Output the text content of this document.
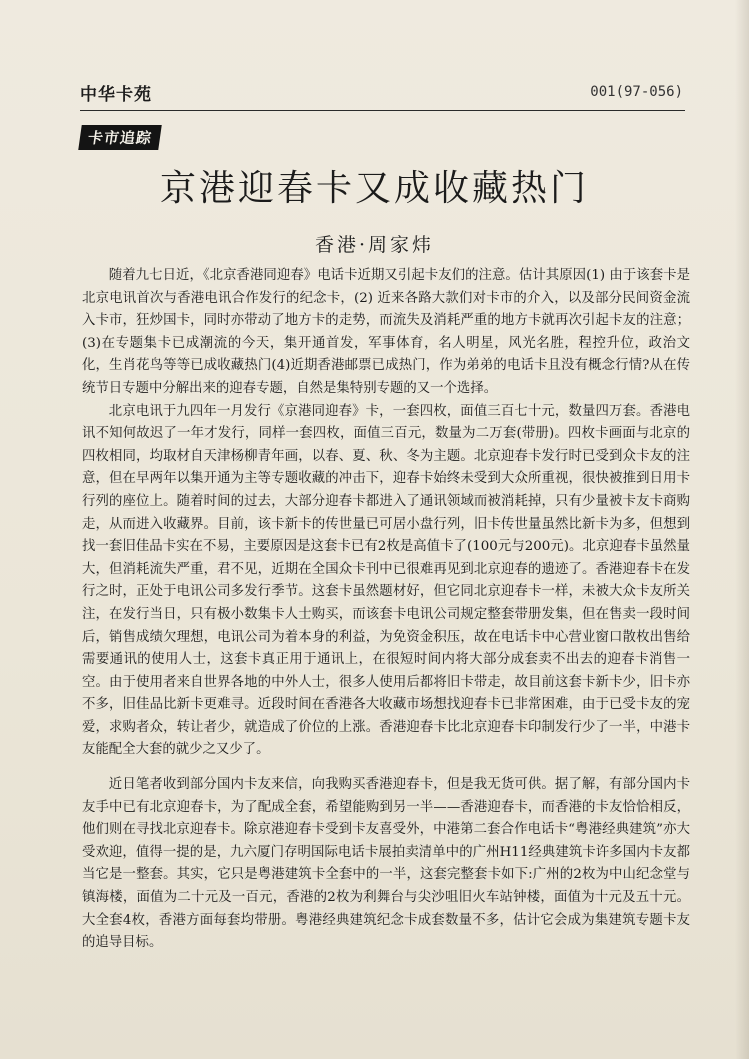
中华卡苑	001(97-056)
卡市追踪
京港迎春卡又成收藏热门
香港·周家炜

随着九七日近，《北京香港同迎春》电话卡近期又引起卡友们的注意。估计其原因(1) 由于该套卡是北京电讯首次与香港电讯合作发行的纪念卡，(2) 近来各路大款们对卡市的介入，以及部分民间资金流入卡市，狂炒国卡，同时亦带动了地方卡的走势，而流失及消耗严重的地方卡就再次引起卡友的注意；(3)在专题集卡已成潮流的今天，集开通首发，军事体育，名人明星，风光名胜，程控升位，政治文化，生肖花鸟等等已成收藏热门(4)近期香港邮票已成热门，作为弟弟的电话卡且没有概念行情?从在传统节日专题中分解出来的迎春专题，自然是集特别专题的又一个选择。

北京电讯于九四年一月发行《京港同迎春》卡，一套四枚，面值三百七十元，数量四万套。香港电讯不知何故迟了一年才发行，同样一套四枚，面值三百元，数量为二万套(带册)。四枚卡画面与北京的四枚相同，均取材自天津杨柳青年画，以春、夏、秋、冬为主题。北京迎春卡发行时已受到众卡友的注意，但在早两年以集开通为主等专题收藏的冲击下，迎春卡始终未受到大众所重视，很快被推到日用卡行列的座位上。随着时间的过去，大部分迎春卡都进入了通讯领域而被消耗掉，只有少量被卡友卡商购走，从而进入收藏界。目前，该卡新卡的传世量已可居小盘行列，旧卡传世量虽然比新卡为多，但想到找一套旧佳品卡实在不易，主要原因是这套卡已有2枚是高值卡了(100元与200元)。北京迎春卡虽然量大，但消耗流失严重，君不见，近期在全国众卡刊中已很难再见到北京迎春的遗迹了。香港迎春卡在发行之时，正处于电讯公司多发行季节。这套卡虽然题材好，但它同北京迎春卡一样，未被大众卡友所关注，在发行当日，只有极小数集卡人士购买，而该套卡电讯公司规定整套带册发集，但在售卖一段时间后，销售成绩欠理想，电讯公司为着本身的利益，为免资金积压，故在电话卡中心营业窗口散枚出售给需要通讯的使用人士，这套卡真正用于通讯上，在很短时间内将大部分成套卖不出去的迎春卡消售一空。由于使用者来自世界各地的中外人士，很多人使用后都将旧卡带走，故目前这套卡新卡少，旧卡亦不多，旧佳品比新卡更难寻。近段时间在香港各大收藏市场想找迎春卡已非常困难，由于已受卡友的宠爱，求购者众，转让者少，就造成了价位的上涨。香港迎春卡比北京迎春卡印制发行少了一半，中港卡友能配全大套的就少之又少了。

近日笔者收到部分国内卡友来信，向我购买香港迎春卡，但是我无货可供。据了解，有部分国内卡友手中已有北京迎春卡，为了配成全套，希望能购到另一半——香港迎春卡，而香港的卡友恰恰相反，他们则在寻找北京迎春卡。除京港迎春卡受到卡友喜受外，中港第二套合作电话卡“粤港经典建筑”亦大受欢迎，值得一提的是，九六厦门存明国际电话卡展拍卖清单中的广州H11经典建筑卡许多国内卡友都当它是一整套。其实，它只是粤港建筑卡全套中的一半，这套完整套卡如下:广州的2枚为中山纪念堂与镇海楼，面值为二十元及一百元，香港的2枚为利舞台与尖沙咀旧火车站钟楼，面值为十元及五十元。大全套4枚，香港方面每套均带册。粤港经典建筑纪念卡成套数量不多，估计它会成为集建筑专题卡友的追导目标。
